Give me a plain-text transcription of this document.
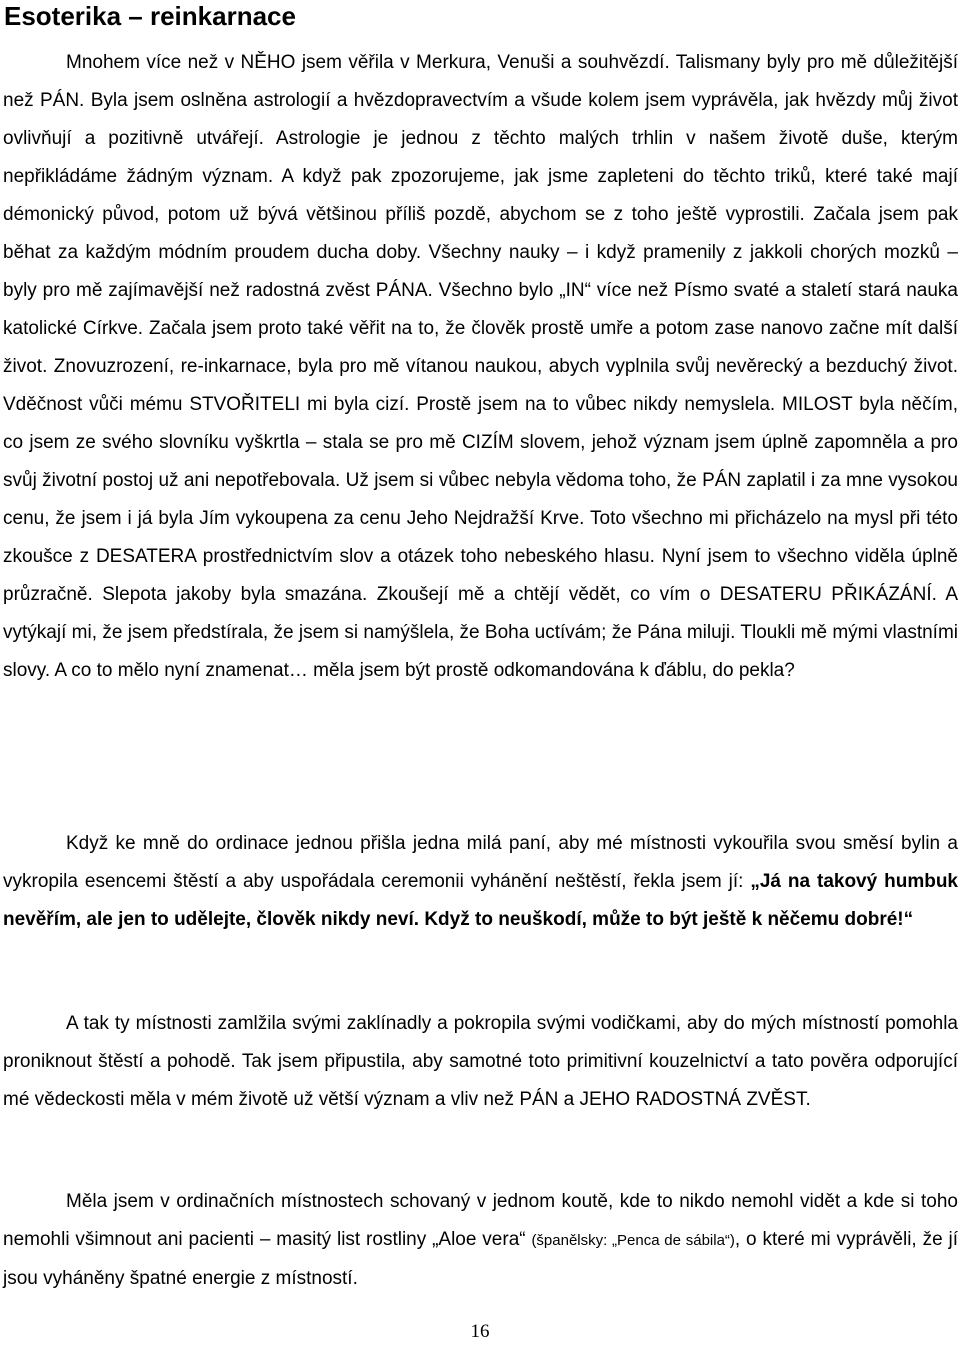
Esoterika – reinkarnace

Mnohem více než v NĚHO jsem věřila v Merkura, Venuši a souhvězdí. Talismany byly pro mě důležitější než PÁN. Byla jsem oslněna astrologií a hvězdopravectvím a všude kolem jsem vyprávěla, jak hvězdy můj život ovlivňují a pozitivně utvářejí. Astrologie je jednou z těchto malých trhlin v našem životě duše, kterým nepřikládáme žádným význam. A když pak zpozorujeme, jak jsme zapleteni do těchto triků, které také mají démonický původ, potom už bývá většinou příliš pozdě, abychom se z toho ještě vyprostili. Začala jsem pak běhat za každým módním proudem ducha doby. Všechny nauky – i když pramenily z jakkoli chorých mozků – byly pro mě zajímavější než radostná zvěst PÁNA. Všechno bylo „IN“ více než Písmo svaté a staletí stará nauka katolické Církve. Začala jsem proto také věřit na to, že člověk prostě umře a potom zase nanovo začne mít další život. Znovuzrození, re-inkarnace, byla pro mě vítanou naukou, abych vyplnila svůj nevěrecký a bezduchý život. Vděčnost vůči mému STVOŘITELI mi byla cizí. Prostě jsem na to vůbec nikdy nemyslela. MILOST byla něčím, co jsem ze svého slovníku vyškrtla – stala se pro mě CIZÍM slovem, jehož význam jsem úplně zapomněla a pro svůj životní postoj už ani nepotřebovala. Už jsem si vůbec nebyla vědoma toho, že PÁN zaplatil i za mne vysokou cenu, že jsem i já byla Jím vykoupena za cenu Jeho Nejdražší Krve. Toto všechno mi přicházelo na mysl při této zkoušce z DESATERA prostřednictvím slov a otázek toho nebeského hlasu. Nyní jsem to všechno viděla úplně průzračně. Slepota jakoby byla smazána. Zkoušejí mě a chtějí vědět, co vím o DESATERU PŘIKÁZÁNÍ. A vytýkají mi, že jsem předstírala, že jsem si namýšlela, že Boha uctívám; že Pána miluji. Tloukli mě mými vlastními slovy. A co to mělo nyní znamenat… měla jsem být prostě odkomandována k ďáblu, do pekla?

Když ke mně do ordinace jednou přišla jedna milá paní, aby mé místnosti vykouřila svou směsí bylin a vykropila esencemi štěstí a aby uspořádala ceremonii vyhánění neštěstí, řekla jsem jí: „Já na takový humbuk nevěřím, ale jen to udělejte, člověk nikdy neví. Když to neuškodí, může to být ještě k něčemu dobré!“

A tak ty místnosti zamlžila svými zaklínadly a pokropila svými vodičkami, aby do mých místností pomohla proniknout štěstí a pohodě. Tak jsem připustila, aby samotné toto primitivní kouzelnictví a tato pověra odporující mé vědeckosti měla v mém životě už větší význam a vliv než PÁN a JEHO RADOSTNÁ ZVĚST.

Měla jsem v ordinačních místnostech schovaný v jednom koutě, kde to nikdo nemohl vidět a kde si toho nemohli všimnout ani pacienti – masitý list rostliny „Aloe vera“ (španělsky: „Penca de sábila“), o které mi vyprávěli, že jí jsou vyháněny špatné energie z místností.

16
